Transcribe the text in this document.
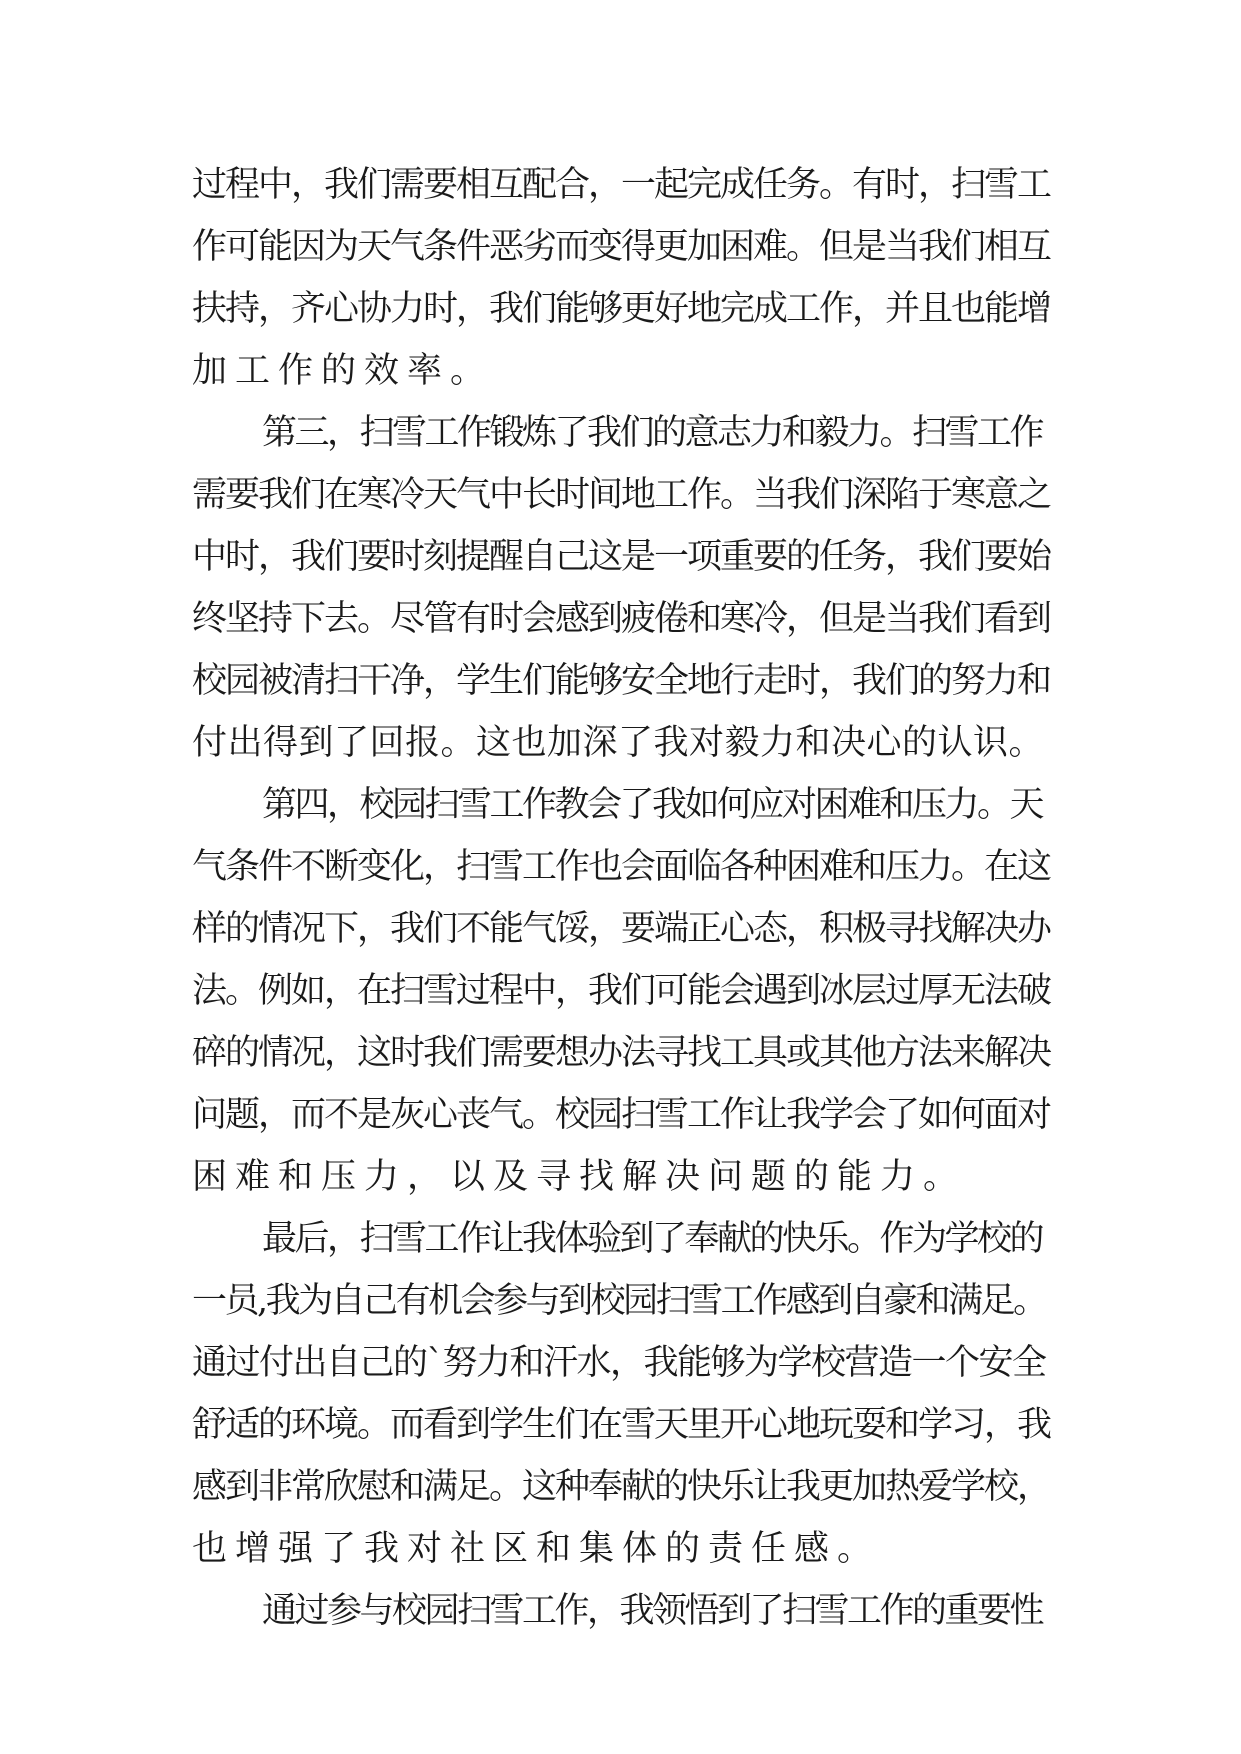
过程中，我们需要相互配合，一起完成任务。有时，扫雪工
作可能因为天气条件恶劣而变得更加困难。但是当我们相互
扶持，齐心协力时，我们能够更好地完成工作，并且也能增
加工作的效率。
第三，扫雪工作锻炼了我们的意志力和毅力。扫雪工作
需要我们在寒冷天气中长时间地工作。当我们深陷于寒意之
中时，我们要时刻提醒自己这是一项重要的任务，我们要始
终坚持下去。尽管有时会感到疲倦和寒冷，但是当我们看到
校园被清扫干净，学生们能够安全地行走时，我们的努力和
付出得到了回报。这也加深了我对毅力和决心的认识。
第四，校园扫雪工作教会了我如何应对困难和压力。天
气条件不断变化，扫雪工作也会面临各种困难和压力。在这
样的情况下，我们不能气馁，要端正心态，积极寻找解决办
法。例如，在扫雪过程中，我们可能会遇到冰层过厚无法破
碎的情况，这时我们需要想办法寻找工具或其他方法来解决
问题，而不是灰心丧气。校园扫雪工作让我学会了如何面对
困难和压力，以及寻找解决问题的能力。
最后，扫雪工作让我体验到了奉献的快乐。作为学校的
一员,我为自己有机会参与到校园扫雪工作感到自豪和满足。
通过付出自己的`努力和汗水，我能够为学校营造一个安全
舒适的环境。而看到学生们在雪天里开心地玩耍和学习，我
感到非常欣慰和满足。这种奉献的快乐让我更加热爱学校，
也增强了我对社区和集体的责任感。
通过参与校园扫雪工作，我领悟到了扫雪工作的重要性
